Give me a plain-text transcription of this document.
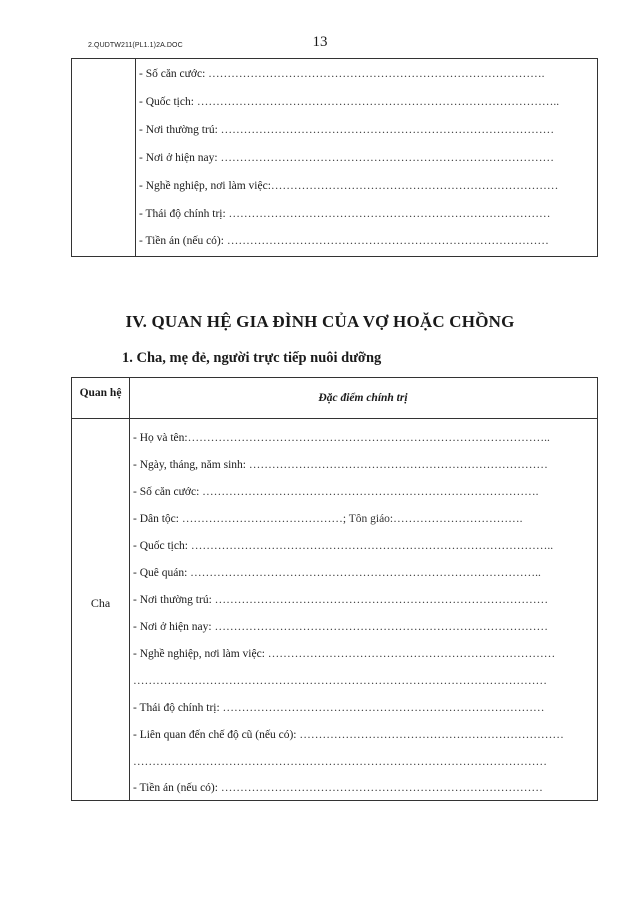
2.QUDTW211(PL1.1)2A.DOC	13
- Số căn cước: …………………………………………………………………………….
- Quốc tịch: …………………………………………………………………………………..
- Nơi thường trú: ……………………………………………………………………………
- Nơi ở hiện nay: ……………………………………………………………………………
- Nghề nghiệp, nơi làm việc:…………………………………………………………………
- Thái độ chính trị: …………………………………………………………………………
- Tiền án (nếu có): …………………………………………………………………………
IV. QUAN HỆ GIA ĐÌNH CỦA VỢ HOẶC CHỒNG
1. Cha, mẹ đẻ, người trực tiếp nuôi dưỡng
Quan hệ	Đặc điểm chính trị
Cha
- Họ và tên:…………………………………………………………………………………..
- Ngày, tháng, năm sinh: ……………………………………………………………………
- Số căn cước: …………………………………………………………………………….
- Dân tộc: ……………………………………; Tôn giáo:…………………………….
- Quốc tịch: …………………………………………………………………………………..
- Quê quán: ………………………………………………………………………………..
- Nơi thường trú: ……………………………………………………………………………
- Nơi ở hiện nay: ……………………………………………………………………………
- Nghề nghiệp, nơi làm việc: …………………………………………………………………
………………………………………………………………………………………………
- Thái độ chính trị: …………………………………………………………………………
- Liên quan đến chế độ cũ (nếu có): ……………………………………………………………
………………………………………………………………………………………………
- Tiền án (nếu có): …………………………………………………………………………
